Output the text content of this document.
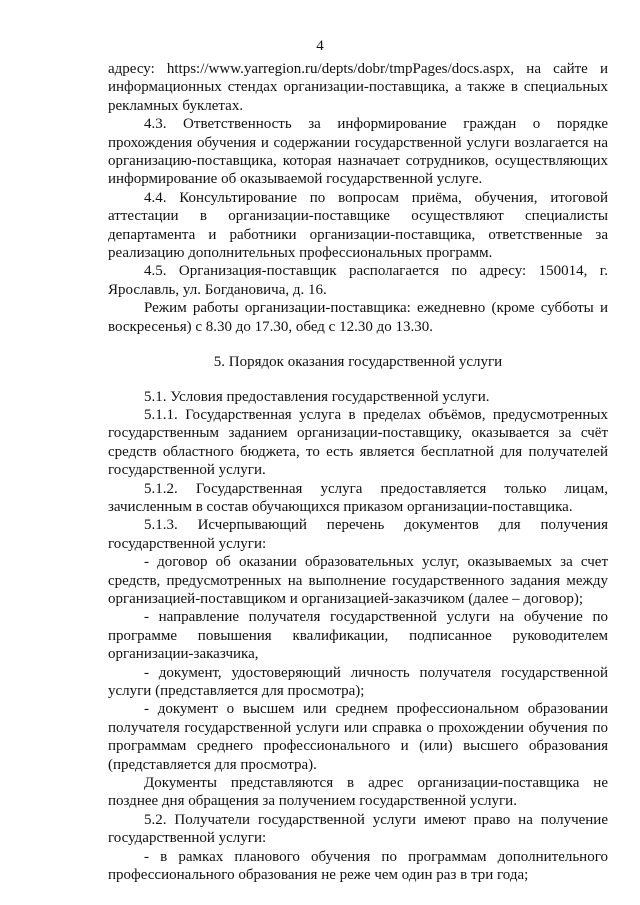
4

адресу: https://www.yarregion.ru/depts/dobr/tmpPages/docs.aspx, на сайте и информационных стендах организации-поставщика, а также в специальных рекламных буклетах.

4.3. Ответственность за информирование граждан о порядке прохождения обучения и содержании государственной услуги возлагается на организацию-поставщика, которая назначает сотрудников, осуществляющих информирование об оказываемой государственной услуге.

4.4. Консультирование по вопросам приёма, обучения, итоговой аттестации в организации-поставщике осуществляют специалисты департамента и работники организации-поставщика, ответственные за реализацию дополнительных профессиональных программ.

4.5. Организация-поставщик располагается по адресу: 150014, г. Ярославль, ул. Богдановича, д. 16.

Режим работы организации-поставщика: ежедневно (кроме субботы и воскресенья) с 8.30 до 17.30, обед с 12.30 до 13.30.

5. Порядок оказания государственной услуги

5.1. Условия предоставления государственной услуги.

5.1.1. Государственная услуга в пределах объёмов, предусмотренных государственным заданием организации-поставщику, оказывается за счёт средств областного бюджета, то есть является бесплатной для получателей государственной услуги.

5.1.2. Государственная услуга предоставляется только лицам, зачисленным в состав обучающихся приказом организации-поставщика.

5.1.3. Исчерпывающий перечень документов для получения государственной услуги:

- договор об оказании образовательных услуг, оказываемых за счет средств, предусмотренных на выполнение государственного задания между организацией-поставщиком и организацией-заказчиком (далее – договор);

- направление получателя государственной услуги на обучение по программе повышения квалификации, подписанное руководителем организации-заказчика,

- документ, удостоверяющий личность получателя государственной услуги (представляется для просмотра);

- документ о высшем или среднем профессиональном образовании получателя государственной услуги или справка о прохождении обучения по программам среднего профессионального и (или) высшего образования (представляется для просмотра).

Документы представляются в адрес организации-поставщика не позднее дня обращения за получением государственной услуги.

5.2. Получатели государственной услуги имеют право на получение государственной услуги:

- в рамках планового обучения по программам дополнительного профессионального образования не реже чем один раз в три года;
